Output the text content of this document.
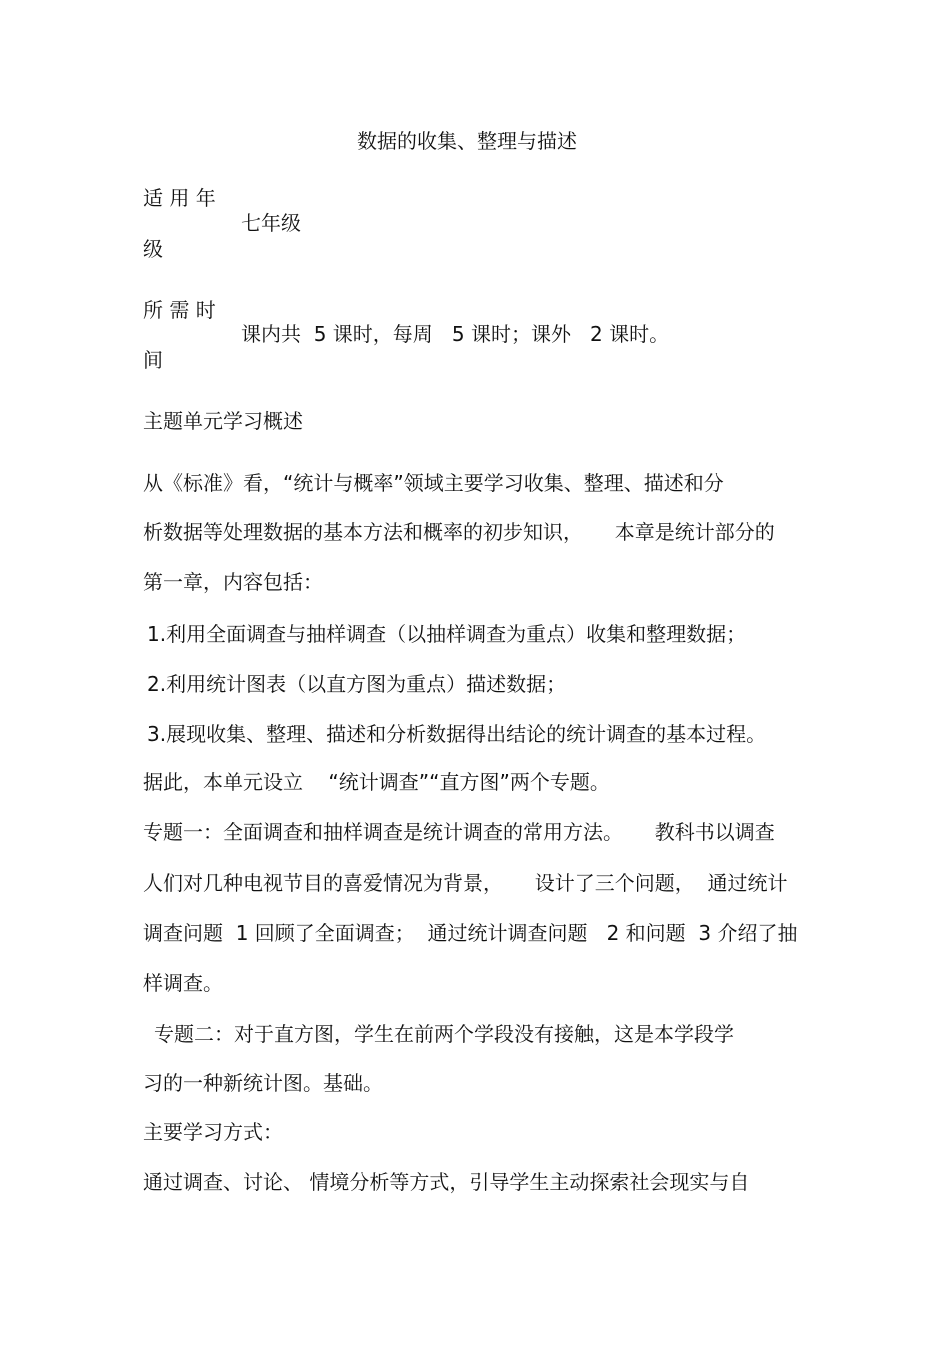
数据的收集、整理与描述
适 用 年
七年级
级
所 需 时
课内共  5 课时，每周   5 课时；课外   2 课时。
间
主题单元学习概述
从《标准》看，“统计与概率”领域主要学习收集、整理、描述和分
析数据等处理数据的基本方法和概率的初步知识，     本章是统计部分的
第一章，内容包括：
1.利用全面调查与抽样调查（以抽样调查为重点）收集和整理数据；
2.利用统计图表（以直方图为重点）描述数据；
3.展现收集、整理、描述和分析数据得出结论的统计调查的基本过程。
据此，本单元设立    “统计调查”“直方图”两个专题。
专题一：全面调查和抽样调查是统计调查的常用方法。     教科书以调查
人们对几种电视节目的喜爱情况为背景，     设计了三个问题，  通过统计
调查问题  1 回顾了全面调查；  通过统计调查问题   2 和问题  3 介绍了抽
样调查。
专题二：对于直方图，学生在前两个学段没有接触，这是本学段学
习的一种新统计图。基础。
主要学习方式：
通过调查、讨论、 情境分析等方式，引导学生主动探索社会现实与自
